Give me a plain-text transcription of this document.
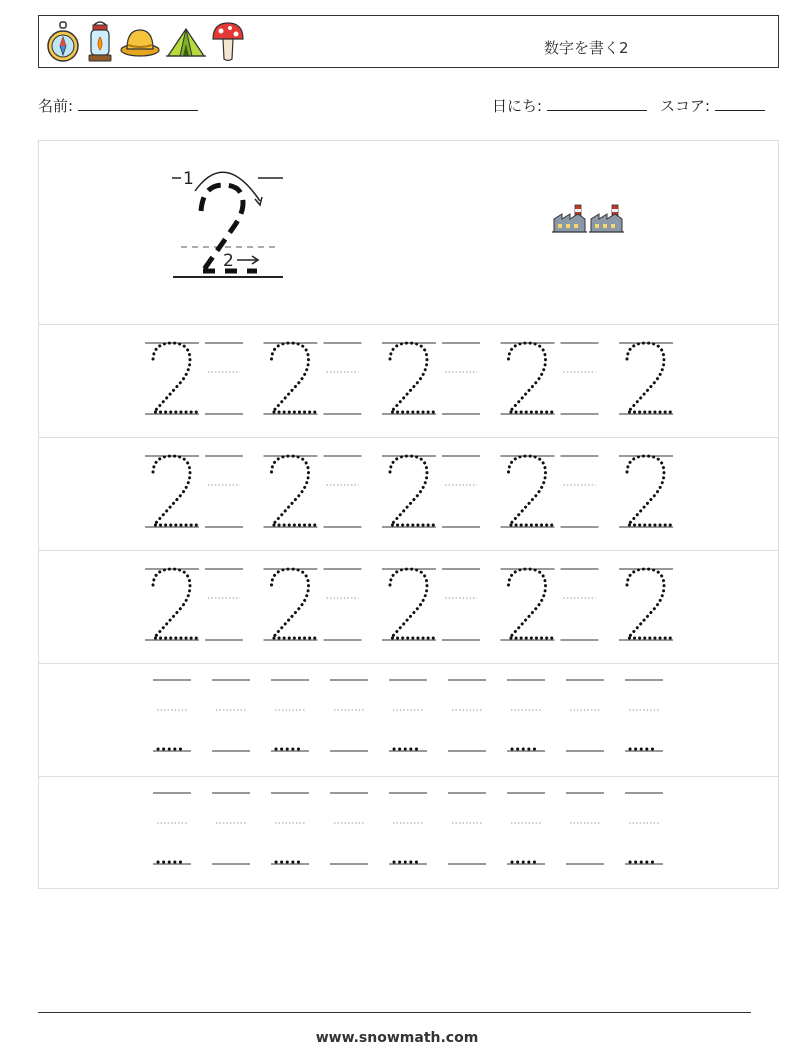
数字を書く2
名前:	日にち:	スコア:
1
2
www.snowmath.com
